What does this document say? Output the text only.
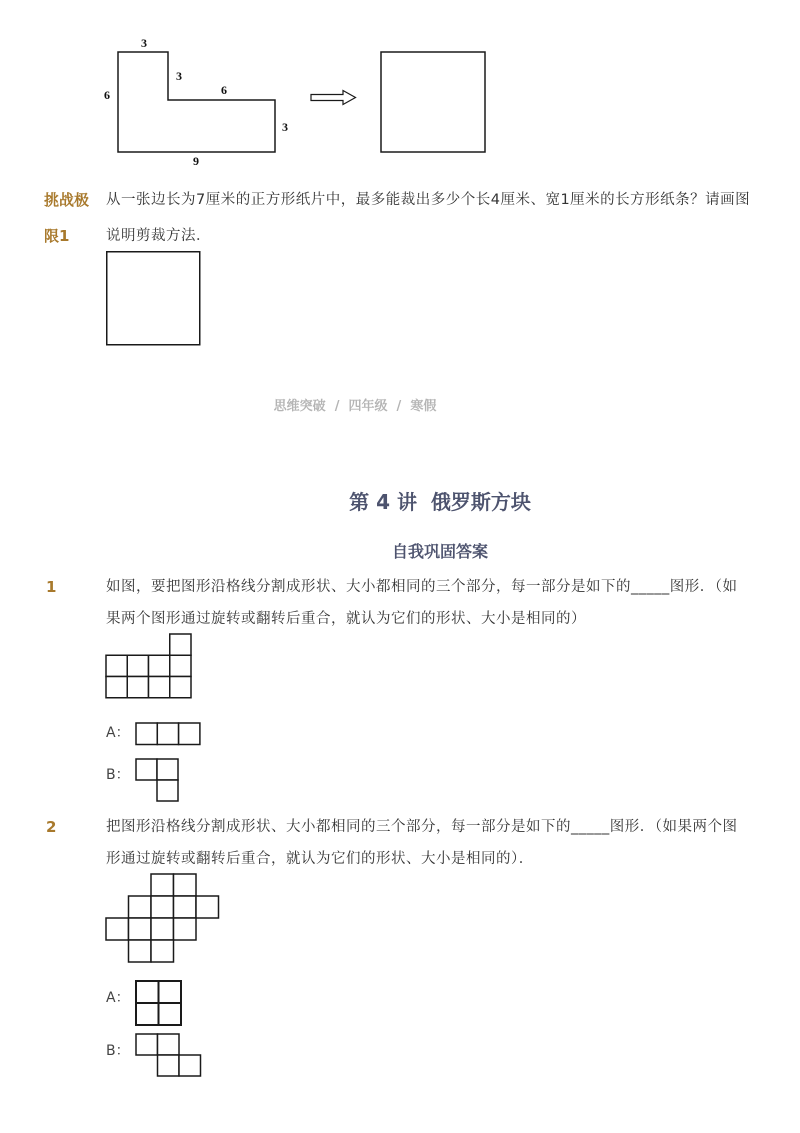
3
3
6
3
9
6
挑战极
限1
从一张边长为7厘米的正方形纸片中，最多能裁出多少个长4厘米、宽1厘米的长方形纸条？请画图
说明剪裁方法．
思维突破  /  四年级  /  寒假
第 4 讲  俄罗斯方块
自我巩固答案
1	如图，要把图形沿格线分割成形状、大小都相同的三个部分，每一部分是如下的_____图形．（如
果两个图形通过旋转或翻转后重合，就认为它们的形状、大小是相同的）
A：
B：
2	把图形沿格线分割成形状、大小都相同的三个部分，每一部分是如下的_____图形．（如果两个图
形通过旋转或翻转后重合，就认为它们的形状、大小是相同的）．
A：
B：
